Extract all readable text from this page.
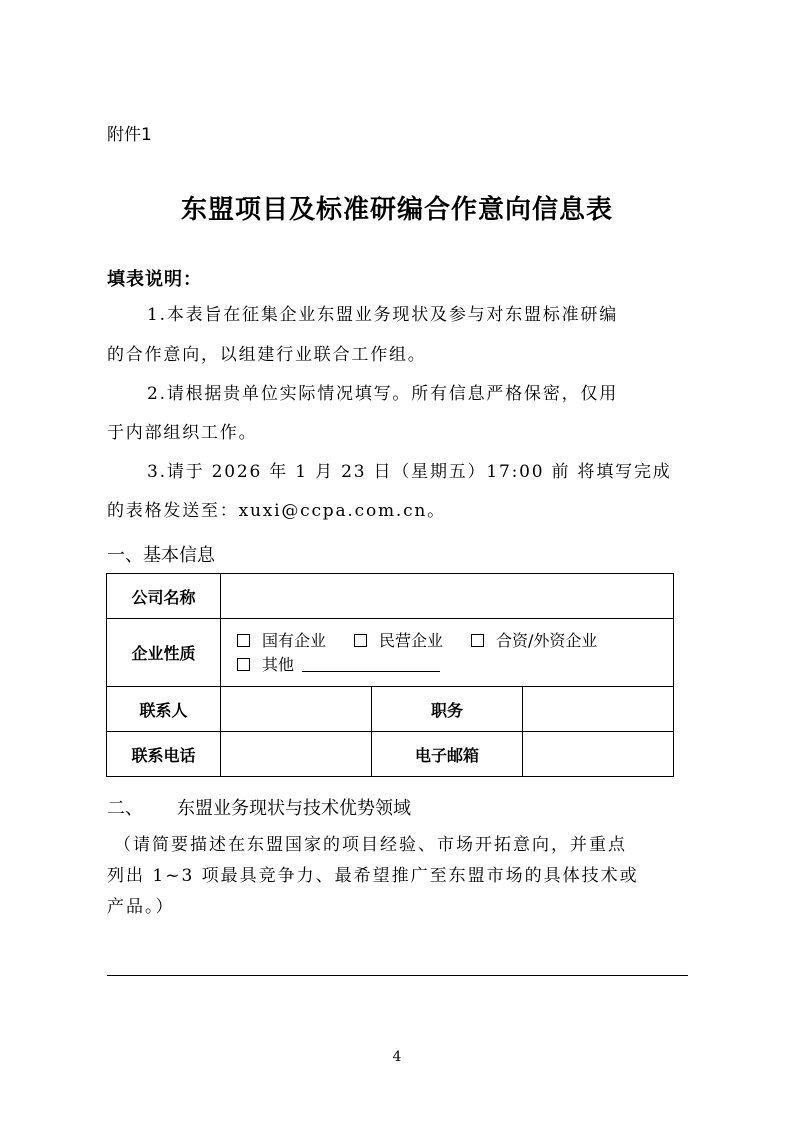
附件1
东盟项目及标准研编合作意向信息表
填表说明：
1.本表旨在征集企业东盟业务现状及参与对东盟标准研编
的合作意向，以组建行业联合工作组。
2.请根据贵单位实际情况填写。所有信息严格保密，仅用
于内部组织工作。
3.请于 2026 年 1 月 23 日（星期五）17:00 前 将填写完成
的表格发送至：xuxi@ccpa.com.cn。
一、基本信息
公司名称			
企业性质	国有企业 民营企业 合资/外资企业
其他		

联系人		职务	
联系电话		电子邮箱	
二、 东盟业务现状与技术优势领域
（请简要描述在东盟国家的项目经验、市场开拓意向，并重点
列出 1~3 项最具竞争力、最希望推广至东盟市场的具体技术或
产品。）
4
